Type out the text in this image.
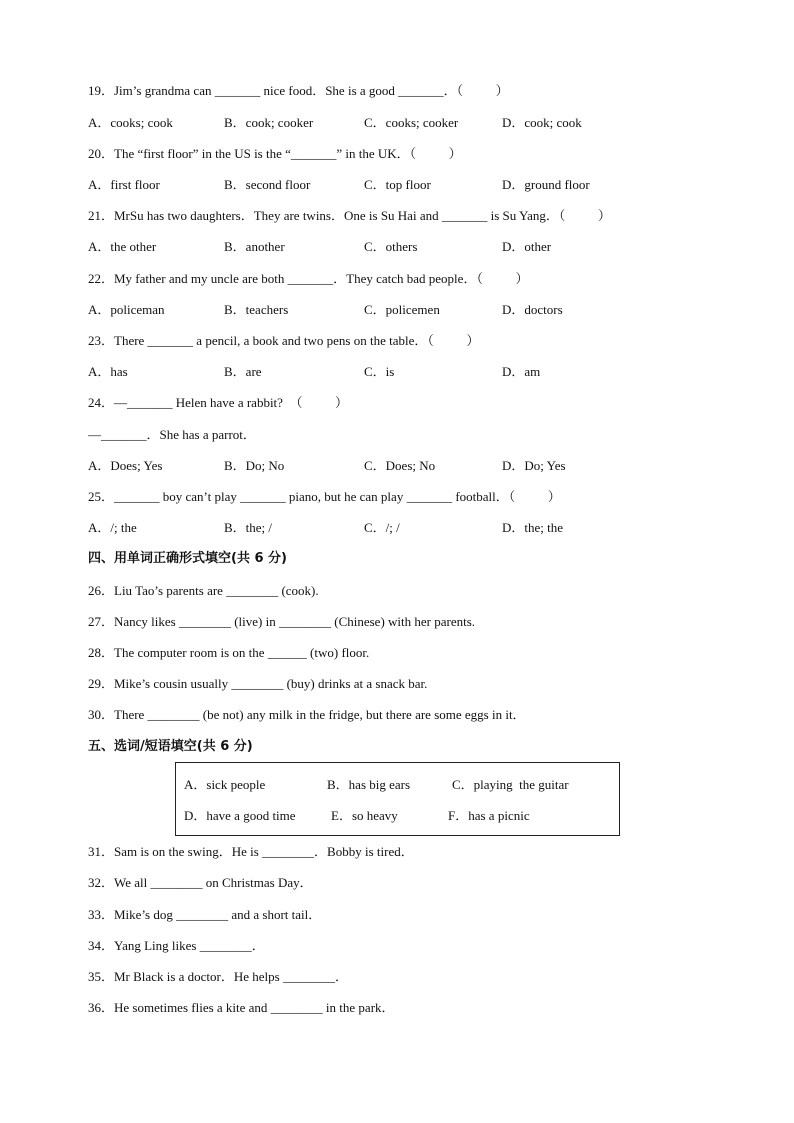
19．Jim’s grandma can _______ nice food．She is a good _______．（          ）
A．cooks; cook	B．cook; cooker	C．cooks; cooker	D．cook; cook
20．The “first floor” in the US is the “_______” in the UK．（          ）
A．first floor	B．second floor	C．top floor	D．ground floor
21．MrSu has two daughters．They are twins．One is Su Hai and _______ is Su Yang．（          ）
A．the other	B．another	C．others	D．other
22．My father and my uncle are both _______．They catch bad people．（          ）
A．policeman	B．teachers	C．policemen	D．doctors
23．There _______ a pencil, a book and two pens on the table．（          ）
A．has	B．are	C．is	D．am
24．—_______ Helen have a rabbit?  （          ）
—_______．She has a parrot．
A．Does; Yes	B．Do; No	C．Does; No	D．Do; Yes
25．_______ boy can’t play _______ piano, but he can play _______ football．（          ）
A．/; the	B．the; /	C．/; /	D．the; the
四、用单词正确形式填空(共 6 分)
26．Liu Tao’s parents are ________ (cook).
27．Nancy likes ________ (live) in ________ (Chinese) with her parents.
28．The computer room is on the ______ (two) floor.
29．Mike’s cousin usually ________ (buy) drinks at a snack bar.
30．There ________ (be not) any milk in the fridge, but there are some eggs in it．
五、选词/短语填空(共 6 分)
A．sick people	B．has big ears	C．playing  the guitar
D．have a good time	E．so heavy	F．has a picnic
31．Sam is on the swing．He is ________．Bobby is tired．
32．We all ________ on Christmas Day．
33．Mike’s dog ________ and a short tail．
34．Yang Ling likes ________．
35．Mr Black is a doctor．He helps ________．
36．He sometimes flies a kite and ________ in the park．
